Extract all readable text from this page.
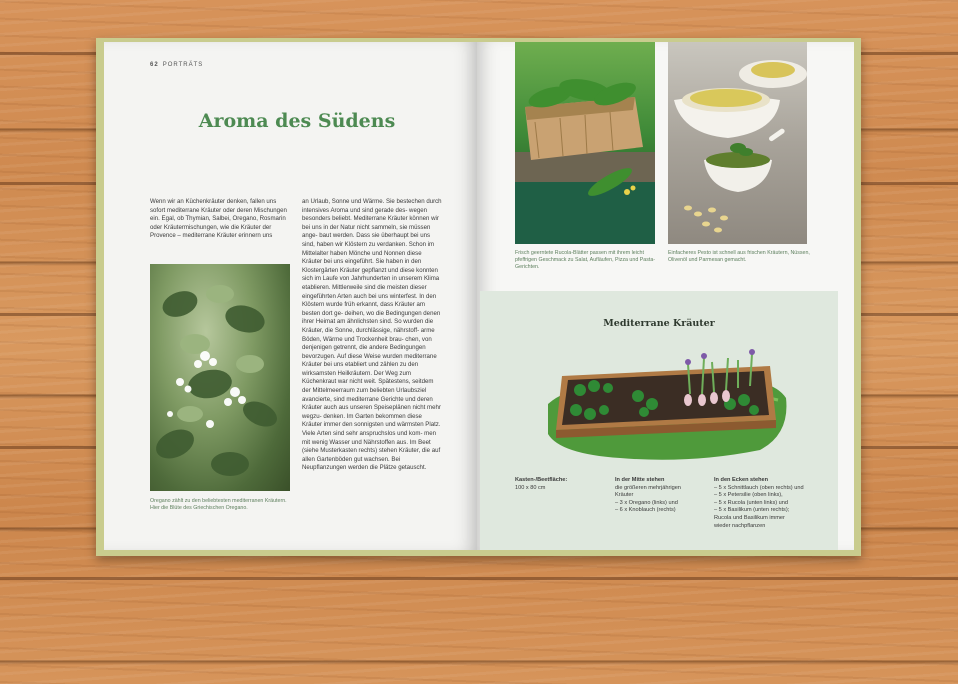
62 PORTRÄTS
Aroma des Südens

Wenn wir an Küchenkräuter denken, fallen uns sofort mediterrane Kräuter oder deren Mischungen ein. Egal, ob Thymian, Salbei, Oregano, Rosmarin oder Kräutermischungen, wie die Kräuter der Provence – mediterrane Kräuter erinnern uns

an Urlaub, Sonne und Wärme. Sie bestechen durch intensives Aroma und sind gerade des- wegen besonders beliebt. Mediterrane Kräuter können wir bei uns in der Natur nicht sammeln, sie müssen ange- baut werden. Dass sie überhaupt bei uns sind, haben wir Klöstern zu verdanken. Schon im Mittelalter haben Mönche und Nonnen diese Kräuter bei uns eingeführt. Sie haben in den Klostergärten Kräuter gepflanzt und diese konnten sich im Laufe von Jahrhunderten in unserem Klima etablieren. Mittlerweile sind die meisten dieser eingeführten Arten auch bei uns winterfest. In den Klöstern wurde früh erkannt, dass Kräuter am besten dort ge- deihen, wo die Bedingungen denen ihrer Heimat am ähnlichsten sind. So wurden die Kräuter, die Sonne, durchlässige, nährstoff- arme Böden, Wärme und Trockenheit brau- chen, von denjenigen getrennt, die andere Bedingungen bevorzugen. Auf diese Weise wurden mediterrane Kräuter bei uns etabliert und zählen zu den wirksamsten Heilkräutern. Der Weg zum Küchenkraut war nicht weit. Spätestens, seitdem der Mittelmeerraum zum beliebten Urlaubsziel avancierte, sind mediterrane Gerichte und deren Kräuter auch aus unseren Speiseplänen nicht mehr wegzu- denken. Im Garten bekommen diese Kräuter immer den sonnigsten und wärmsten Platz. Viele Arten sind sehr anspruchslos und kom- men mit wenig Wasser und Nährstoffen aus. Im Beet (siehe Musterkasten rechts) stehen Kräuter, die auf allen Gartenböden gut wachsen. Bei Neupflanzungen werden die Plätze getauscht.

Oregano zählt zu den beliebtesten mediterranen Kräutern. Hier die Blüte des Griechischen Oregano.

Frisch geerntete Rucola-Blätter passen mit ihrem leicht pfeffrigen Geschmack zu Salat, Aufläufen, Pizza und Pasta-Gerichten.

Einfacheres Pesto ist schnell aus frischen Kräutern, Nüssen, Olivenöl und Parmesan gemacht.

Mediterrane Kräuter

Kasten-/Beetfläche:
100 x 80 cm

In der Mitte stehen
die größeren mehrjährigen
Kräuter
– 3 x Oregano (links) und
– 6 x Knoblauch (rechts)

In den Ecken stehen
– 5 x Schnittlauch (oben rechts) und
– 5 x Petersilie (oben links),
– 5 x Rucola (unten links) und
– 5 x Basilikum (unten rechts);
Rucola und Basilikum immer
wieder nachpflanzen
